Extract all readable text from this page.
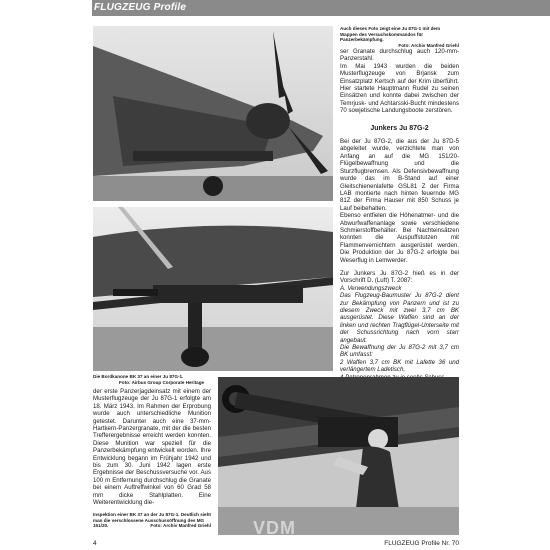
FLUGZEUG Profile
Auch dieses Foto zeigt eine Ju 87G-1 mit dem Wappen des Versuchskommandos für Panzerbekämpfung.
Foto: Archiv Manfred Griehl

ser Granate durchschlug auch 120-mm-Panzerstahl.

Im Mai 1943 wurden die beiden Musterflugzeuge von Brjansk zum Einsatzplatz Kertsch auf der Krim überführt. Hier startete Hauptmann Rudel zu seinen Einsätzen und konnte dabei zwischen der Temrjusk- und Achtarsski-Bucht mindestens 70 sowjetische Landungsboote zerstören.

Junkers Ju 87G-2

Bei der Ju 87G-2, die aus der Ju 87D-5 abgeleitet wurde, verzichtete man von Anfang an auf die MG 151/20-Flügelbewaffnung und die Sturzflugbremsen. Als Defensivbewaffnung wurde das im B-Stand auf einer Gleitschienenlafette GSL81 Z der Firma LAB montierte nach hinten feuernde MG 81Z der Firma Hauser mit 850 Schuss je Lauf beibehalten.

Ebenso entfielen die Höhenatmer- und die Abwurfwaffenanlage sowie verschiedene Schmierstoffbehälter. Bei Nachteinsätzen konnten die Auspuffstutzen mit Flammenvernichtern ausgerüstet werden. Die Produktion der Ju 87G-2 erfolgte bei Weserflug in Lemwerder.

Zur Junkers Ju 87G-2 hieß es in der Vorschrift D. (Luft) T. 2087:

A. Verwendungszweck

Das Flugzeug-Baumuster Ju 87G-2 dient zur Bekämpfung von Panzern und ist zu diesem Zweck mit zwei 3,7 cm BK ausgerüstet. Diese Waffen sind an der linken und rechten Tragflügel-Unterseite mit der Schussrichtung nach vorn starr angebaut.

Die Bewaffnung der Ju 87G-2 mit 3,7 cm BK umfasst:

2 Waffen 3,7 cm BK mit Lafette 36 und verlängertem Ladetisch,

Die Bordkanone BK 37 an einer Ju 87G-1.
Foto: Airbus Group Corporate Heritage

der erste Panzerjagdeinsatz mit einem der Musterflugzeuge der Ju 87G-1 erfolgte am 18. März 1943. Im Rahmen der Erprobung wurde auch unterschiedliche Munition getestet. Darunter auch eine 37-mm-Hartkern-Panzergranate, mit der die besten Trefferergebnisse erreicht werden konnten. Diese Munition war speziell für die Panzerbekämpfung entwickelt worden. Ihre Entwicklung begann im Frühjahr 1942 und bis zum 30. Juni 1942 lagen erste Ergebnisse der Beschussversuche vor. Aus 100 m Entfernung durchschlug die Granate bei einem Auftreffwinkel von 60 Grad 58 mm dicke Stahlplatten. Eine Weiterentwicklung die-

Inspektion einer BK 37 an der Ju 87G-1. Deutlich sieht man die verschlossene Ausschussöffnung des MG 151/20.	Foto: Archiv Manfred Griehl VDM
4	FLUGZEUG Profile Nr. 70
